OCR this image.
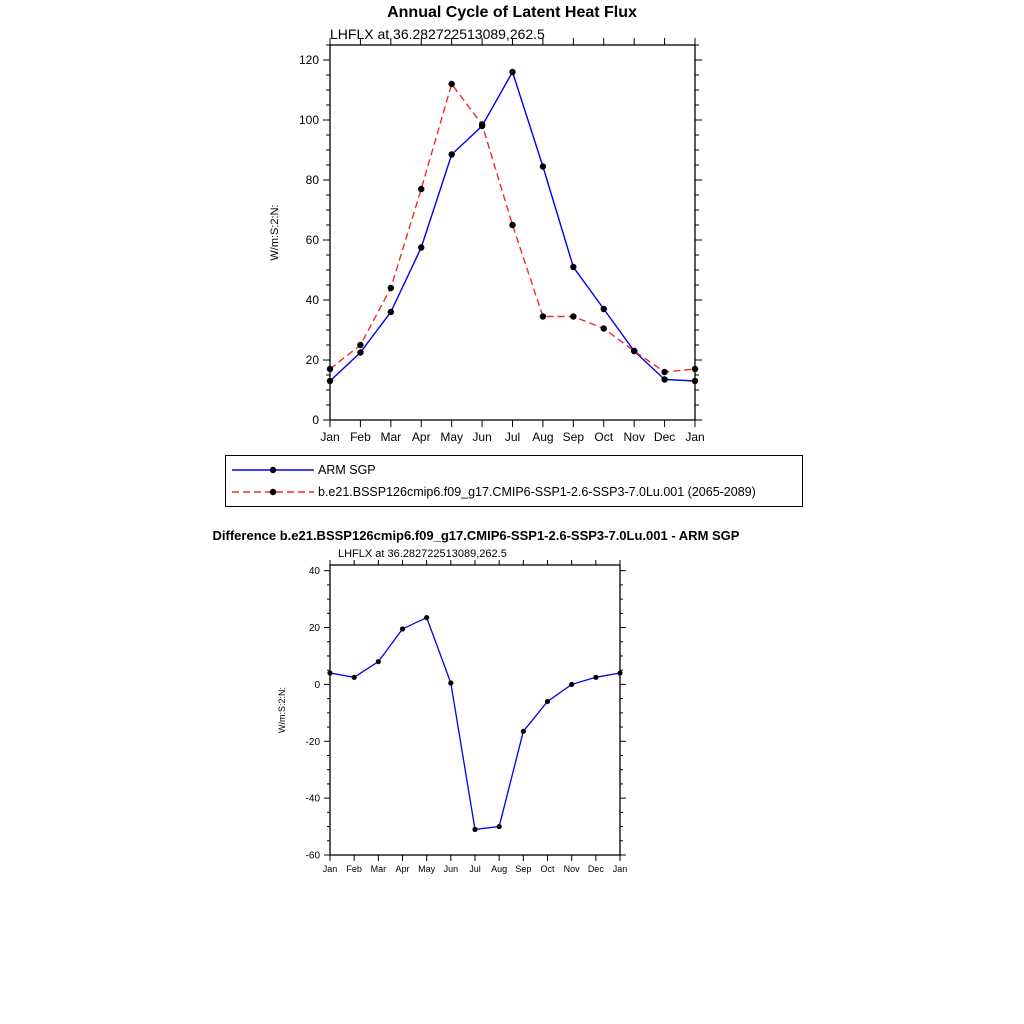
Annual Cycle of Latent Heat Flux
LHFLX at 36.282722513089,262.5
0
20
40
60
80
100
120
Jan Feb Mar Apr May Jun Jul Aug Sep Oct Nov Dec Jan
W/m:S:2:N:
ARM SGP
b.e21.BSSP126cmip6.f09_g17.CMIP6-SSP1-2.6-SSP3-7.0Lu.001 (2065-2089)
Difference b.e21.BSSP126cmip6.f09_g17.CMIP6-SSP1-2.6-SSP3-7.0Lu.001 - ARM SGP
LHFLX at 36.282722513089,262.5
-60
-40
-20
0
20
40
Jan Feb Mar Apr May Jun Jul Aug Sep Oct Nov Dec Jan
W/m:S:2:N:
